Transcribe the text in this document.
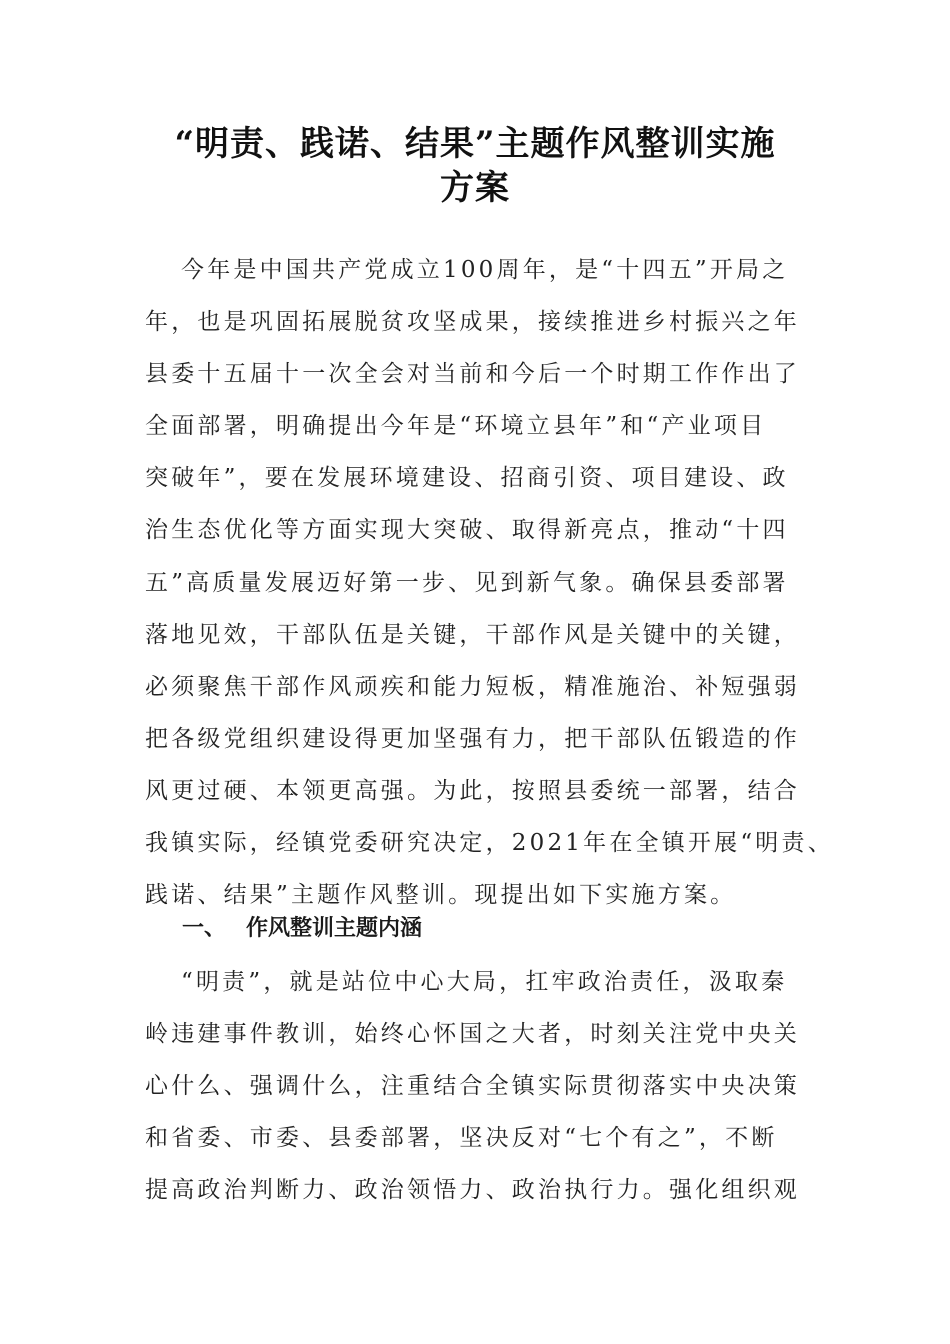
“明责、践诺、结果”主题作风整训实施
方案
今年是中国共产党成立100周年，是“十四五”开局之
年，也是巩固拓展脱贫攻坚成果，接续推进乡村振兴之年
县委十五届十一次全会对当前和今后一个时期工作作出了
全面部署，明确提出今年是“环境立县年”和“产业项目
突破年”，要在发展环境建设、招商引资、项目建设、政
治生态优化等方面实现大突破、取得新亮点，推动“十四
五”高质量发展迈好第一步、见到新气象。确保县委部署
落地见效，干部队伍是关键，干部作风是关键中的关键，
必须聚焦干部作风顽疾和能力短板，精准施治、补短强弱
把各级党组织建设得更加坚强有力，把干部队伍锻造的作
风更过硬、本领更高强。为此，按照县委统一部署，结合
我镇实际，经镇党委研究决定，2021年在全镇开展“明责、
践诺、结果”主题作风整训。现提出如下实施方案。
一、 作风整训主题内涵
“明责”，就是站位中心大局，扛牢政治责任，汲取秦
岭违建事件教训，始终心怀国之大者，时刻关注党中央关
心什么、强调什么，注重结合全镇实际贯彻落实中央决策
和省委、市委、县委部署，坚决反对“七个有之”，不断
提高政治判断力、政治领悟力、政治执行力。强化组织观
